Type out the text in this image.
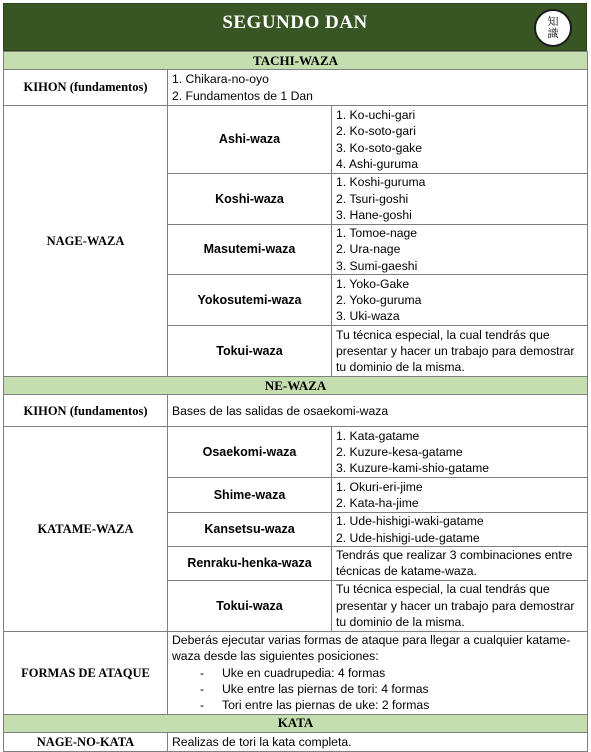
SEGUNDO DAN	知
識
TACHI-WAZA		
KIHON (fundamentos)	1. Chikara-no-oyo
2. Fundamentos de 1 Dan	

NAGE-WAZA	Ashi-waza	1. Ko-uchi-gari
2. Ko-soto-gari
3. Ko-soto-gake
4. Ashi-guruma

	Koshi-waza	1. Koshi-guruma
2. Tsuri-goshi
3. Hane-goshi

	Masutemi-waza	1. Tomoe-nage
2. Ura-nage
3. Sumi-gaeshi

	Yokosutemi-waza	1. Yoko-Gake
2. Yoko-guruma
3. Uki-waza

	Tokui-waza	Tu técnica especial, la cual tendrás que presentar y hacer un trabajo para demostrar tu dominio de la misma.

NE-WAZA		
KIHON (fundamentos)	Bases de las salidas de osaekomi-waza	
KATAME-WAZA	Osaekomi-waza	1. Kata-gatame
2. Kuzure-kesa-gatame
3. Kuzure-kami-shio-gatame

	Shime-waza	1. Okuri-eri-jime
2. Kata-ha-jime

	Kansetsu-waza	1. Ude-hishigi-waki-gatame
2. Ude-hishigi-ude-gatame

	Renraku-henka-waza	Tendrás que realizar 3 combinaciones entre técnicas de katame-waza.

	Tokui-waza	Tu técnica especial, la cual tendrás que presentar y hacer un trabajo para demostrar tu dominio de la misma.

FORMAS DE ATAQUE	Deberás ejecutar varias formas de ataque para llegar a cualquier katame-waza desde las siguientes posiciones:
- Uke en cuadrupedia: 4 formas
- Uke entre las piernas de tori: 4 formas
- Tori entre las piernas de uke: 2 formas	

KATA		
NAGE-NO-KATA	Realizas de tori la kata completa.	
